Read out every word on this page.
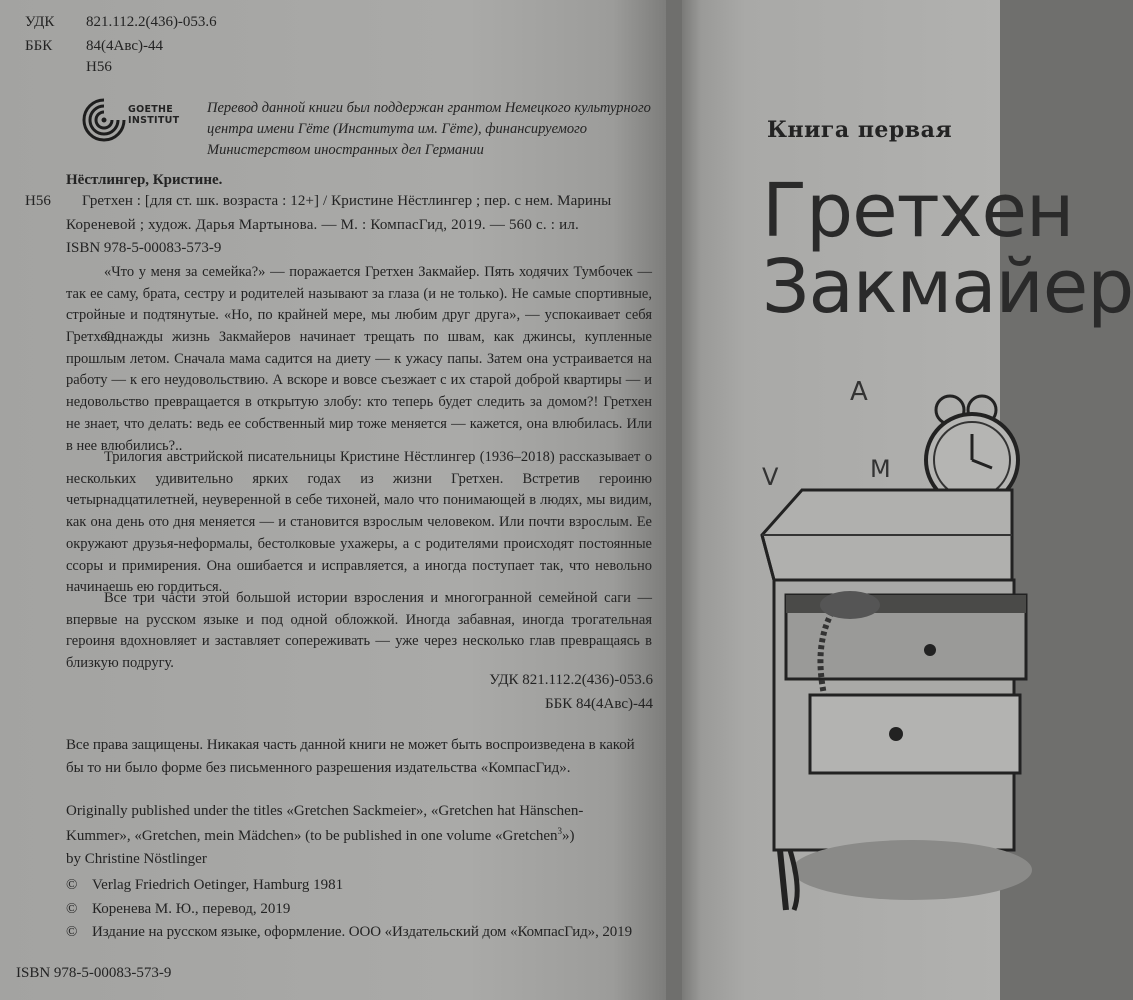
УДК 821.112.2(436)-053.6
ББК 84(4Авс)-44
Н56
GOETHE
INSTITUT
Перевод данной книги был поддержан грантом Немецкого культурного центра имени Гёте (Института им. Гёте), финансируемого Министерством иностранных дел Германии
Нёстлингер, Кристине.
Н56 Гретхен : [для ст. шк. возраста : 12+] / Кристине Нёстлингер ; пер. с нем. Марины
Кореневой ; худож. Дарья Мартынова. — М. : КомпасГид, 2019. — 560 с. : ил.
ISBN 978-5-00083-573-9
«Что у меня за семейка?» — поражается Гретхен Закмайер. Пять ходячих Тумбочек — так ее саму, брата, сестру и родителей называют за глаза (и не только). Не самые спортивные, стройные и подтянутые. «Но, по крайней мере, мы любим друг друга», — успокаивает себя Гретхен.
Однажды жизнь Закмайеров начинает трещать по швам, как джинсы, купленные прошлым летом. Сначала мама садится на диету — к ужасу папы. Затем она устраивается на работу — к его неудовольствию. А вскоре и вовсе съезжает с их старой доброй квартиры — и недовольство превращается в открытую злобу: кто теперь будет следить за домом?! Гретхен не знает, что делать: ведь ее собственный мир тоже меняется — кажется, она влюбилась. Или в нее влюбились?..
Трилогия австрийской писательницы Кристине Нёстлингер (1936–2018) рассказывает о нескольких удивительно ярких годах из жизни Гретхен. Встретив героиню четырнадцатилетней, неуверенной в себе тихоней, мало что понимающей в людях, мы видим, как она день ото дня меняется — и становится взрослым человеком. Или почти взрослым. Ее окружают друзья-неформалы, бестолковые ухажеры, а с родителями происходят постоянные ссоры и примирения. Она ошибается и исправляется, а иногда поступает так, что невольно начинаешь ею гордиться.
Все три части этой большой истории взросления и многогранной семейной саги — впервые на русском языке и под одной обложкой. Иногда забавная, иногда трогательная героиня вдохновляет и заставляет сопереживать — уже через несколько глав превращаясь в близкую подругу.
УДК 821.112.2(436)-053.6
ББК 84(4Авс)-44
Все права защищены. Никакая часть данной книги не может быть воспроизведена в какой
бы то ни было форме без письменного разрешения издательства «КомпасГид».
Originally published under the titles «Gretchen Sackmeier», «Gretchen hat Hänschen-
Kummer», «Gretchen, mein Mädchen» (to be published in one volume «Gretchen$^3$»)
by Christine Nöstlinger
© Verlag Friedrich Oetinger, Hamburg 1981
© Коренева М. Ю., перевод, 2019
© Издание на русском языке, оформление. ООО «Издательский дом «КомпасГид», 2019
ISBN 978-5-00083-573-9
Книга первая
Гретхен
Закмайер
A
V	M
